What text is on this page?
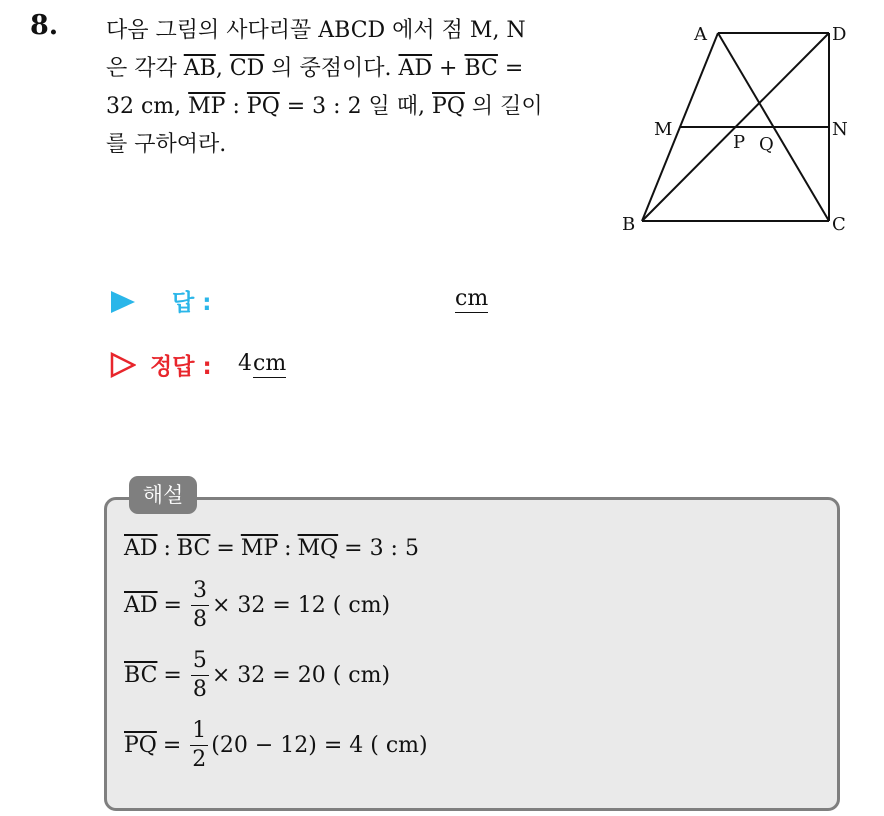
8. 다음 그림의 사다리꼴 ABCD 에서 점 M, N
은 각각 $\overline{AB}$, $\overline{CD}$ 의 중점이다. $\overline{AD} + \overline{BC}$ =
32 cm, $\overline{MP}$ : $\overline{PQ} = 3$ : 2 일 때, $\overline{PQ}$ 의 길이
를 구하여라.
A	D
M	N
P Q
B	C
답 :	cm
정답 : 4 cm
해설
$\overline{AD}$ : $\overline{BC} = \overline{MP}$ : $\overline{MQ} = 3$ : 5
$\overline{AD} = \frac{3}{8} \times 32 = 12$ ( cm)
$\overline{BC} = \frac{5}{8} \times 32 = 20$ ( cm)
$\overline{PQ} = \frac{1}{2} (20 - 12) = 4$ ( cm)
